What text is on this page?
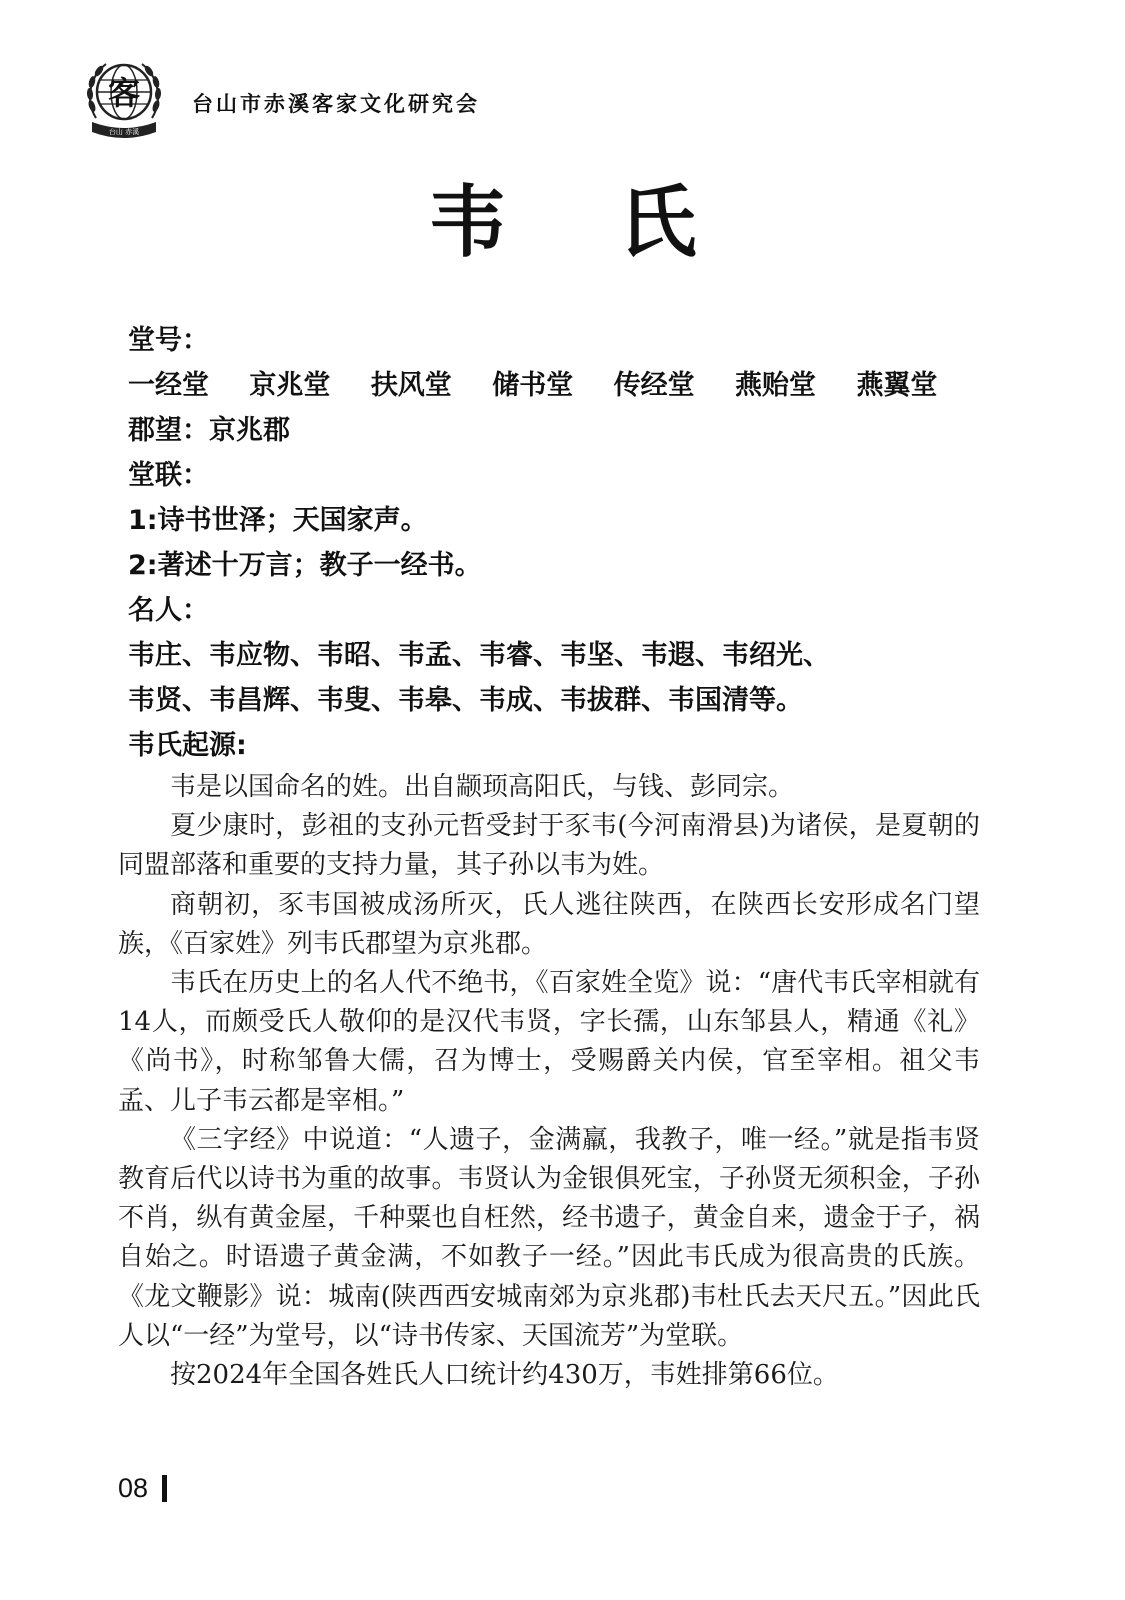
客
台山 赤溪
台山市赤溪客家文化研究会
韦 氏
堂号：
一经堂 京兆堂 扶风堂 储书堂 传经堂 燕贻堂 燕翼堂
郡望：京兆郡
堂联：
1:诗书世泽；天国家声。
2:著述十万言；教子一经书。
名人：
韦庄、韦应物、韦昭、韦孟、韦睿、韦坚、韦遐、韦绍光、
韦贤、韦昌辉、韦叟、韦皋、韦成、韦拔群、韦国清等。
韦氏起源:

韦是以国命名的姓。出自颛顼高阳氏，与钱、彭同宗。

夏少康时，彭祖的支孙元哲受封于豕韦(今河南滑县)为诸侯，是夏朝的同盟部落和重要的支持力量，其子孙以韦为姓。

商朝初，豕韦国被成汤所灭，氏人逃往陕西，在陕西长安形成名门望族，《百家姓》列韦氏郡望为京兆郡。

韦氏在历史上的名人代不绝书，《百家姓全览》说：“唐代韦氏宰相就有14人，而颇受氏人敬仰的是汉代韦贤，字长孺，山东邹县人，精通《礼》《尚书》，时称邹鲁大儒，召为博士，受赐爵关内侯，官至宰相。祖父韦孟、儿子韦云都是宰相。”

《三字经》中说道：“人遗子，金满羸，我教子，唯一经。”就是指韦贤教育后代以诗书为重的故事。韦贤认为金银俱死宝，子孙贤无须积金，子孙不肖，纵有黄金屋，千种粟也自枉然，经书遗子，黄金自来，遗金于子，祸自始之。时语遗子黄金满，不如教子一经。”因此韦氏成为很高贵的氏族。《龙文鞭影》说：城南(陕西西安城南郊为京兆郡)韦杜氏去天尺五。”因此氏人以“一经”为堂号，以“诗书传家、天国流芳”为堂联。

按2024年全国各姓氏人口统计约430万，韦姓排第66位。

08
